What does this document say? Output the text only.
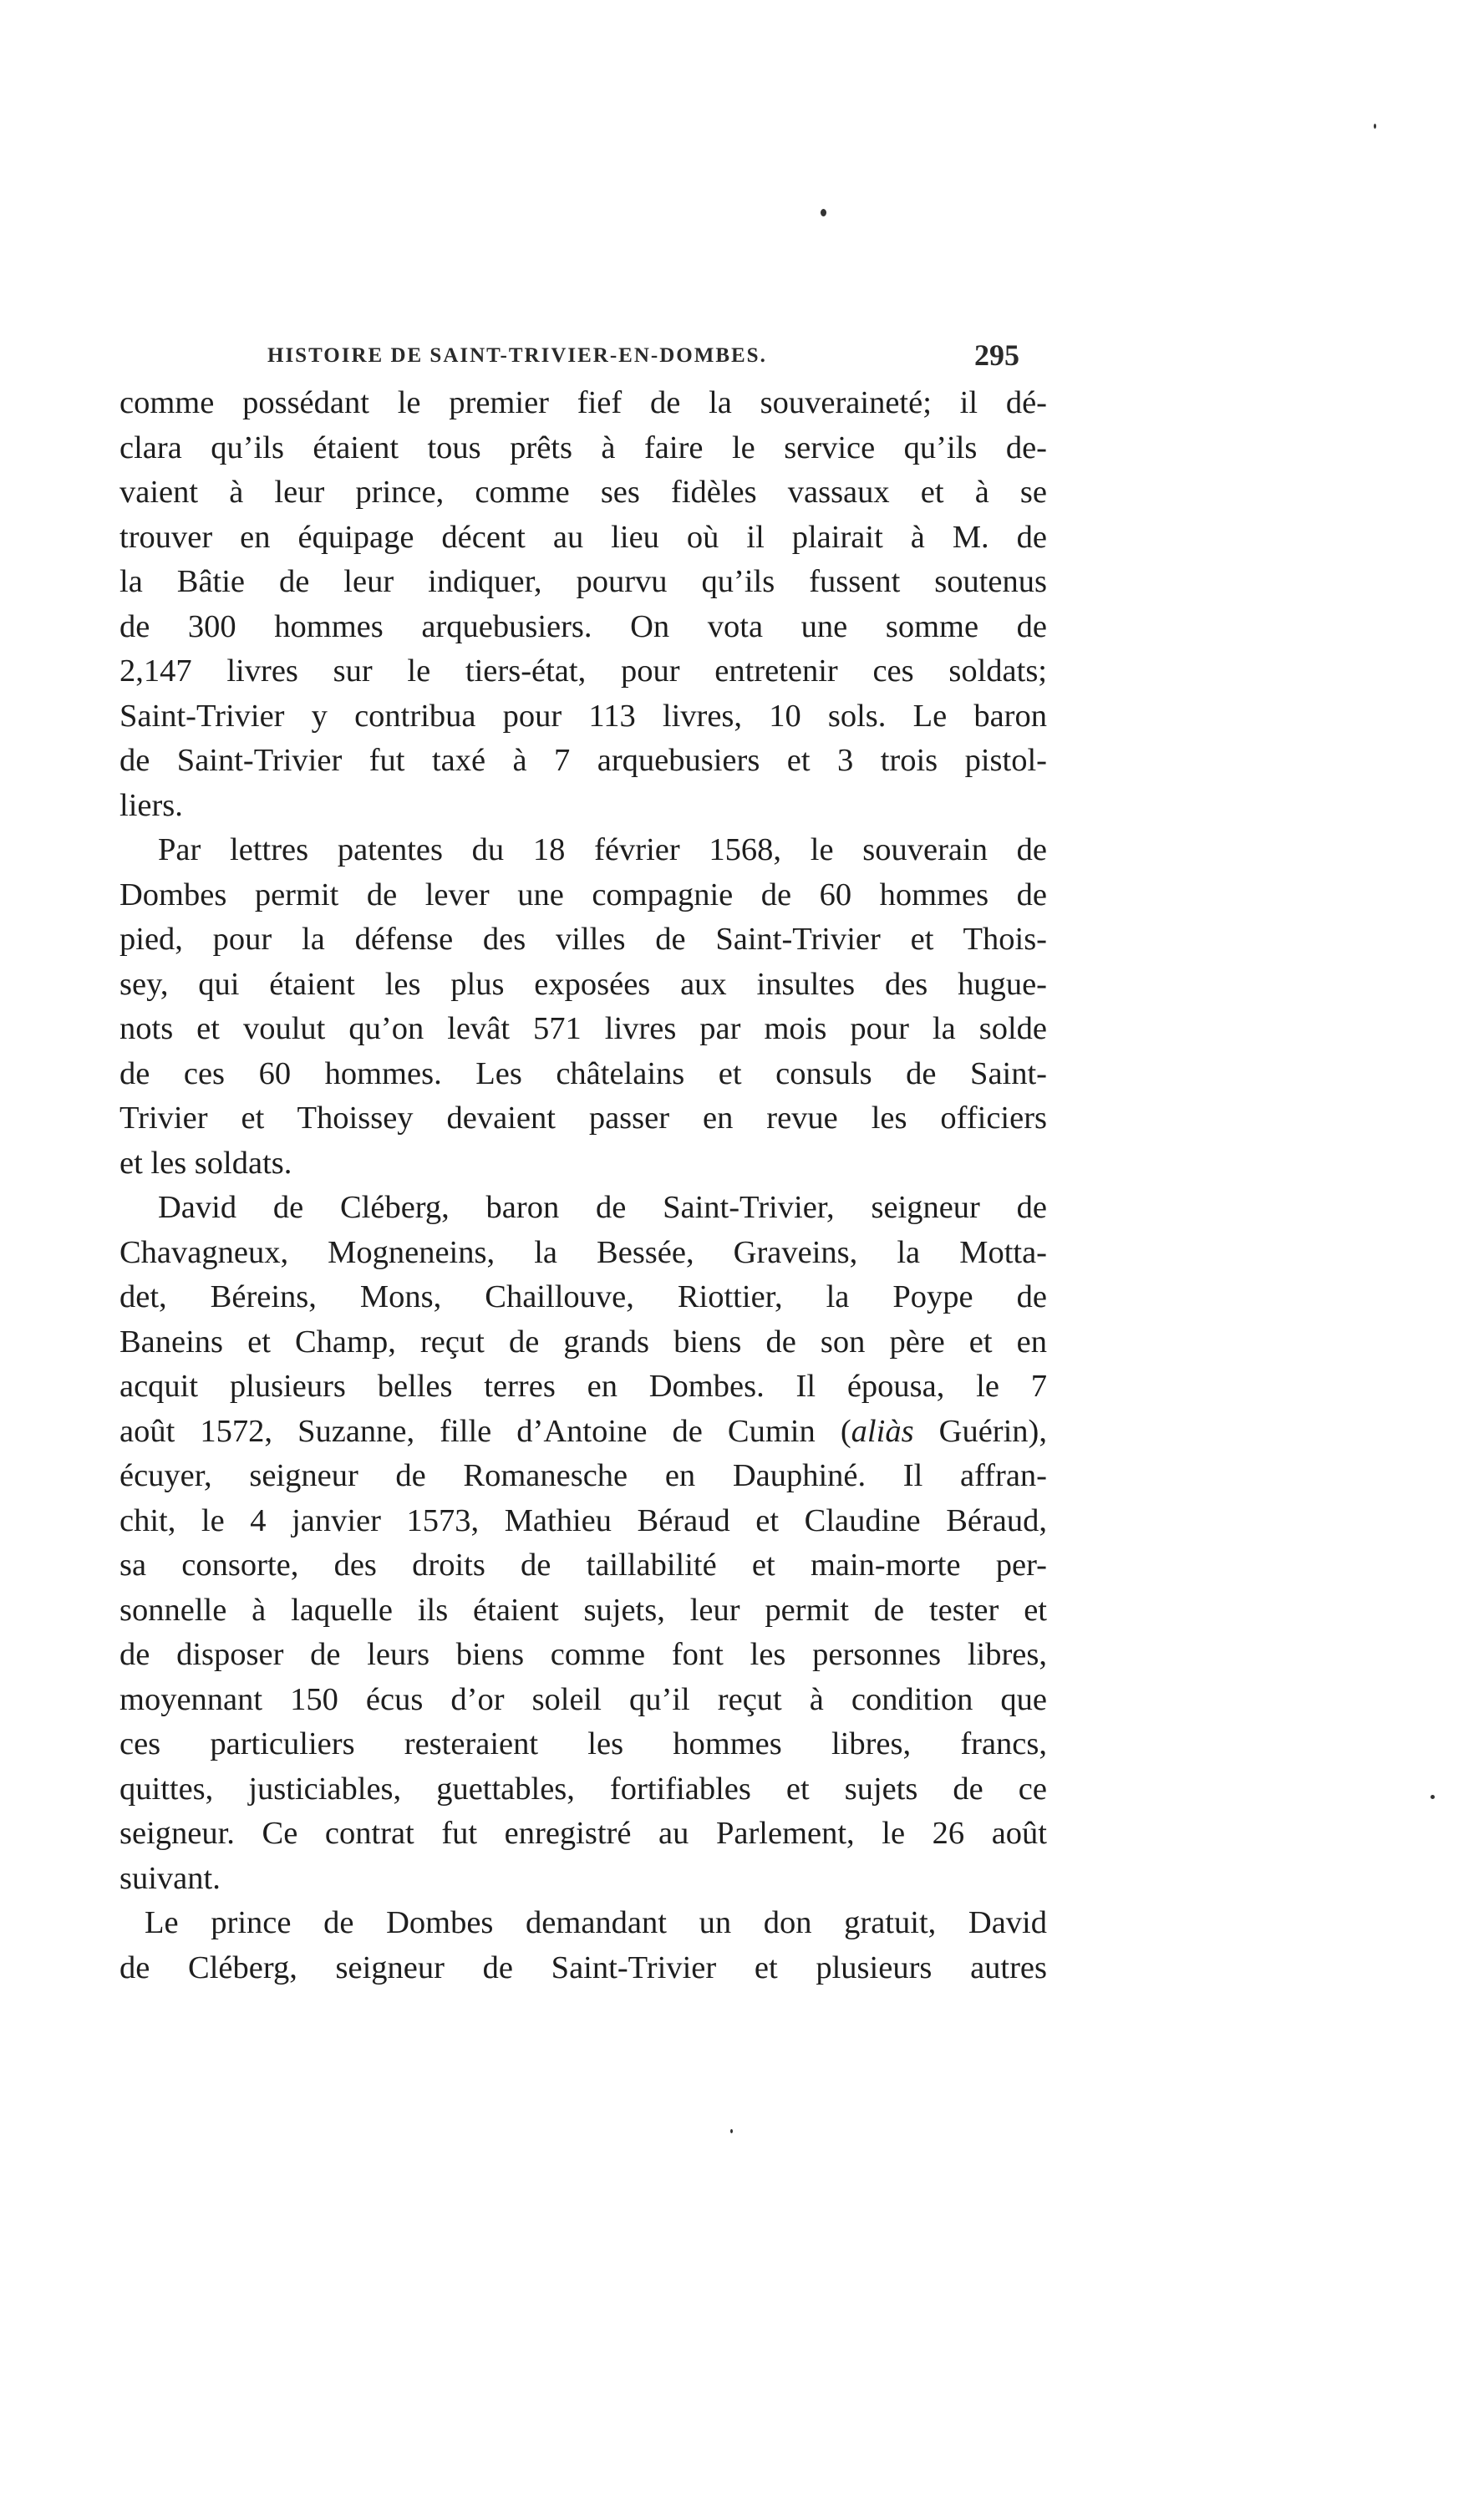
HISTOIRE DE SAINT-TRIVIER-EN-DOMBES.	295
comme possédant le premier fief de la souveraineté; il dé-
clara qu’ils étaient tous prêts à faire le service qu’ils de-
vaient à leur prince, comme ses fidèles vassaux et à se
trouver en équipage décent au lieu où il plairait à M. de
la Bâtie de leur indiquer, pourvu qu’ils fussent soutenus
de 300 hommes arquebusiers. On vota une somme de
2,147 livres sur le tiers-état, pour entretenir ces soldats;
Saint-Trivier y contribua pour 113 livres, 10 sols. Le baron
de Saint-Trivier fut taxé à 7 arquebusiers et 3 trois pistol-
liers.
Par lettres patentes du 18 février 1568, le souverain de
Dombes permit de lever une compagnie de 60 hommes de
pied, pour la défense des villes de Saint-Trivier et Thois-
sey, qui étaient les plus exposées aux insultes des hugue-
nots et voulut qu’on levât 571 livres par mois pour la solde
de ces 60 hommes. Les châtelains et consuls de Saint-
Trivier et Thoissey devaient passer en revue les officiers
et les soldats.
David de Cléberg, baron de Saint-Trivier, seigneur de
Chavagneux, Mogneneins, la Bessée, Graveins, la Motta-
det, Béreins, Mons, Chaillouve, Riottier, la Poype de
Baneins et Champ, reçut de grands biens de son père et en
acquit plusieurs belles terres en Dombes. Il épousa, le 7
août 1572, Suzanne, fille d’Antoine de Cumin (aliàs Guérin),
écuyer, seigneur de Romanesche en Dauphiné. Il affran-
chit, le 4 janvier 1573, Mathieu Béraud et Claudine Béraud,
sa consorte, des droits de taillabilité et main-morte per-
sonnelle à laquelle ils étaient sujets, leur permit de tester et
de disposer de leurs biens comme font les personnes libres,
moyennant 150 écus d’or soleil qu’il reçut à condition que
ces particuliers resteraient les hommes libres, francs,
quittes, justiciables, guettables, fortifiables et sujets de ce
seigneur. Ce contrat fut enregistré au Parlement, le 26 août
suivant.
Le prince de Dombes demandant un don gratuit, David
de Cléberg, seigneur de Saint-Trivier et plusieurs autres
